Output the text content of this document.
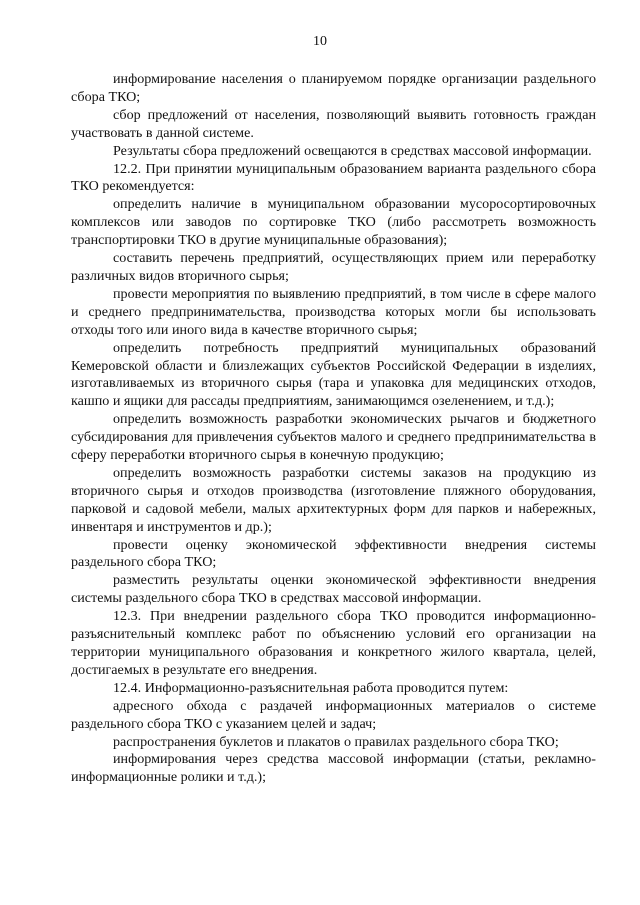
10

информирование населения о планируемом порядке организации раздельного сбора ТКО;

сбор предложений от населения, позволяющий выявить готовность граждан участвовать в данной системе.

Результаты сбора предложений освещаются в средствах массовой информации.

12.2. При принятии муниципальным образованием варианта раздельного сбора ТКО рекомендуется:

определить наличие в муниципальном образовании мусоросортировочных комплексов или заводов по сортировке ТКО (либо рассмотреть возможность транспортировки ТКО в другие муниципальные образования);

составить перечень предприятий, осуществляющих прием или переработку различных видов вторичного сырья;

провести мероприятия по выявлению предприятий, в том числе в сфере малого и среднего предпринимательства, производства которых могли бы использовать отходы того или иного вида в качестве вторичного сырья;

определить потребность предприятий муниципальных образований Кемеровской области и близлежащих субъектов Российской Федерации в изделиях, изготавливаемых из вторичного сырья (тара и упаковка для медицинских отходов, кашпо и ящики для рассады предприятиям, занимающимся озеленением, и т.д.);

определить возможность разработки экономических рычагов и бюджетного субсидирования для привлечения субъектов малого и среднего предпринимательства в сферу переработки вторичного сырья в конечную продукцию;

определить возможность разработки системы заказов на продукцию из вторичного сырья и отходов производства (изготовление пляжного оборудования, парковой и садовой мебели, малых архитектурных форм для парков и набережных, инвентаря и инструментов и др.);

провести оценку экономической эффективности внедрения системы раздельного сбора ТКО;

разместить результаты оценки экономической эффективности внедрения системы раздельного сбора ТКО в средствах массовой информации.

12.3. При внедрении раздельного сбора ТКО проводится информационно-разъяснительный комплекс работ по объяснению условий его организации на территории муниципального образования и конкретного жилого квартала, целей, достигаемых в результате его внедрения.

12.4. Информационно-разъяснительная работа проводится путем:

адресного обхода с раздачей информационных материалов о системе раздельного сбора ТКО с указанием целей и задач;

распространения буклетов и плакатов о правилах раздельного сбора ТКО;

информирования через средства массовой информации (статьи, рекламно-информационные ролики и т.д.);
